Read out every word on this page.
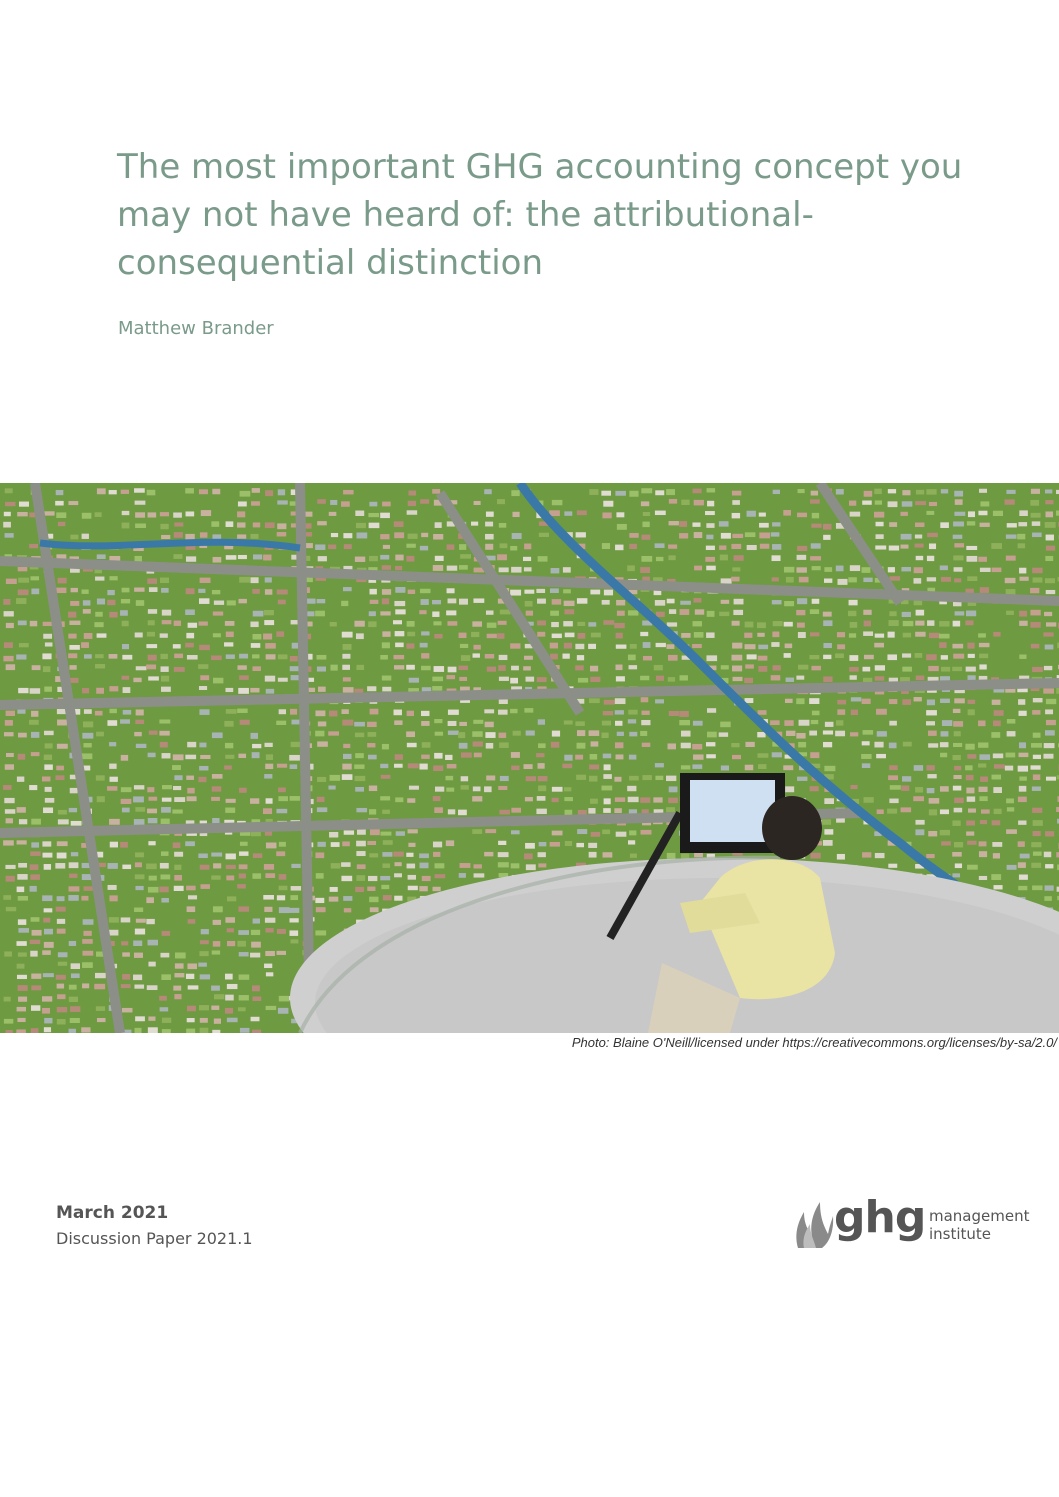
The most important GHG accounting concept you may not have heard of: the attributional-consequential distinction
Matthew Brander
Photo: Blaine O'Neill/licensed under https://creativecommons.org/licenses/by-sa/2.0/
March 2021
Discussion Paper 2021.1	ghg management
institute
